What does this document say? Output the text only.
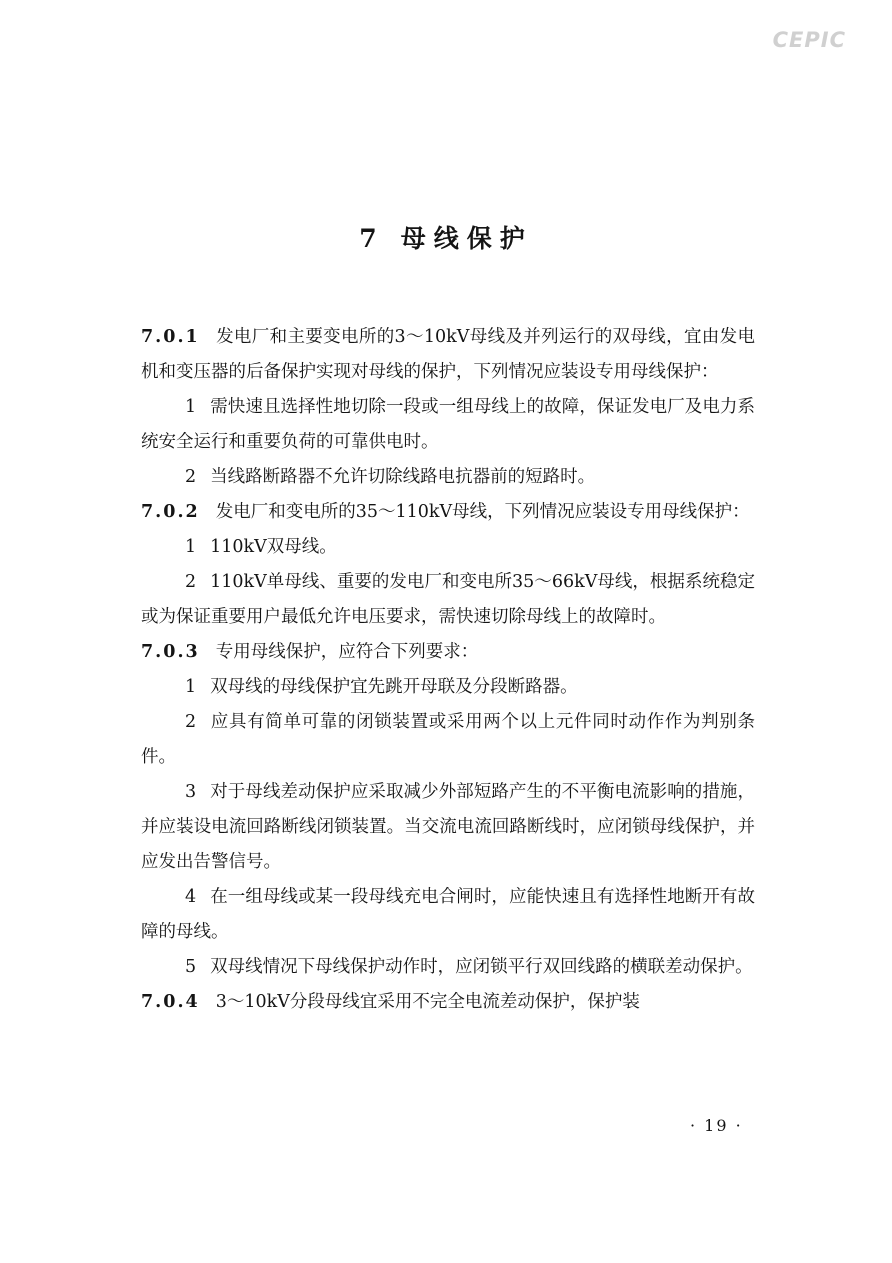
CEPIC
7 母线保护

7.0.1 发电厂和主要变电所的3～10kV母线及并列运行的双母线，宜由发电机和变压器的后备保护实现对母线的保护，下列情况应装设专用母线保护：

1 需快速且选择性地切除一段或一组母线上的故障，保证发电厂及电力系统安全运行和重要负荷的可靠供电时。

2 当线路断路器不允许切除线路电抗器前的短路时。

7.0.2 发电厂和变电所的35～110kV母线，下列情况应装设专用母线保护：

1 110kV双母线。

2 110kV单母线、重要的发电厂和变电所35～66kV母线，根据系统稳定或为保证重要用户最低允许电压要求，需快速切除母线上的故障时。

7.0.3 专用母线保护，应符合下列要求：

1 双母线的母线保护宜先跳开母联及分段断路器。

2 应具有简单可靠的闭锁装置或采用两个以上元件同时动作作为判别条件。

3 对于母线差动保护应采取减少外部短路产生的不平衡电流影响的措施，并应装设电流回路断线闭锁装置。当交流电流回路断线时，应闭锁母线保护，并应发出告警信号。

4 在一组母线或某一段母线充电合闸时，应能快速且有选择性地断开有故障的母线。

5 双母线情况下母线保护动作时，应闭锁平行双回线路的横联差动保护。

7.0.4 3～10kV分段母线宜采用不完全电流差动保护，保护装

· 19 ·
